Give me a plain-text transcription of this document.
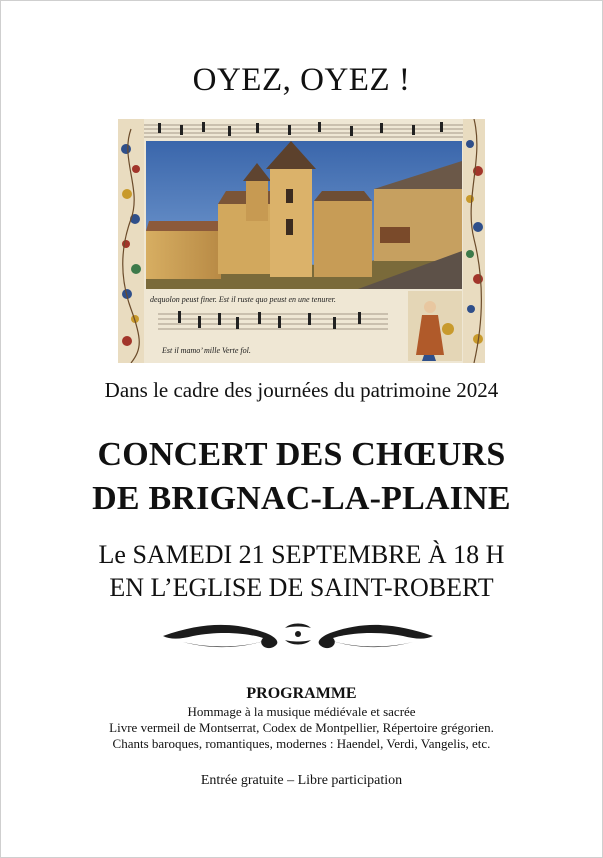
OYEZ, OYEZ !
dequolon peust finer. Est il ruste quo peust en une tenurer.
Est il mamo’ mille Verte fol.
Dans le cadre des journées du patrimoine 2024
CONCERT DES CHŒURS
DE BRIGNAC-LA-PLAINE
Le SAMEDI 21 SEPTEMBRE À 18 H
EN L’EGLISE DE SAINT-ROBERT
PROGRAMME
Hommage à la musique médiévale et sacrée
Livre vermeil de Montserrat, Codex de Montpellier, Répertoire grégorien.
Chants baroques, romantiques, modernes : Haendel, Verdi, Vangelis, etc.
Entrée gratuite – Libre participation
